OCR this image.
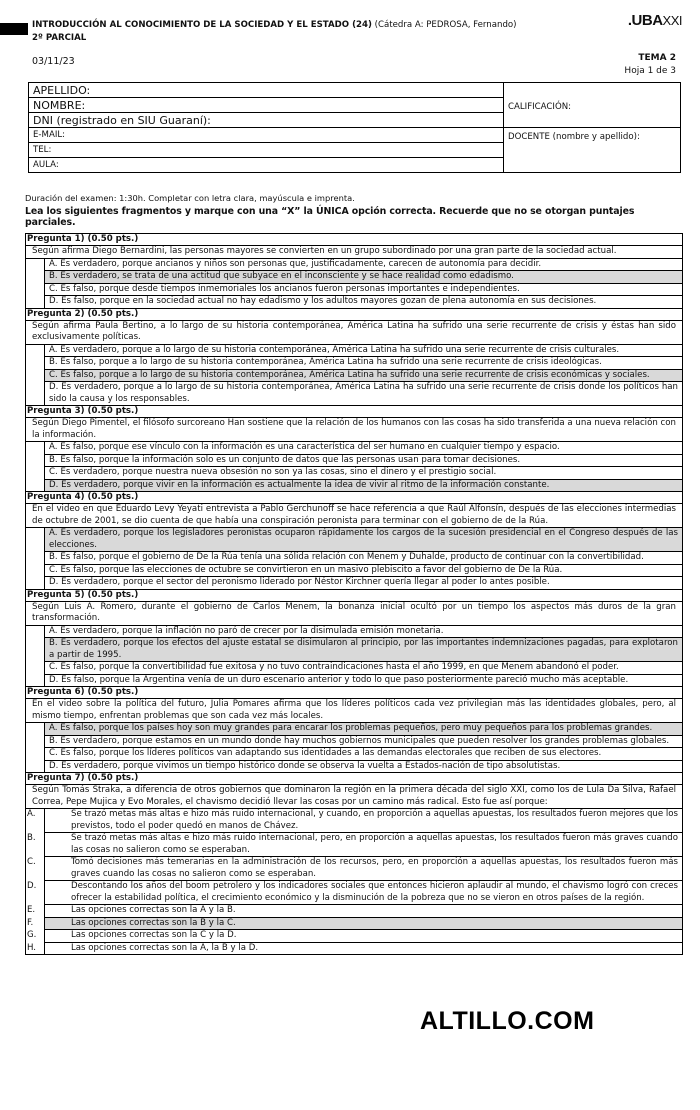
INTRODUCCIÓN AL CONOCIMIENTO DE LA SOCIEDAD Y EL ESTADO (24) (Cátedra A: PEDROSA, Fernando)
2º PARCIAL
.UBAXXI
03/11/23	TEMA 2
Hoja 1 de 3
APELLIDO:	CALIFICACIÓN:
NOMBRE:	
DNI (registrado en SIU Guaraní):	
E-MAIL:	DOCENTE (nombre y apellido):
TEL:	
AULA:	
Duración del examen: 1:30h. Completar con letra clara, mayúscula e imprenta.
Lea los siguientes fragmentos y marque con una “X” la ÚNICA opción correcta. Recuerde que no se otorgan puntajes parciales.
Pregunta 1) (0.50 pts.)
Según afirma Diego Bernardini, las personas mayores se convierten en un grupo subordinado por una gran parte de la sociedad actual.
A. Es verdadero, porque ancianos y niños son personas que, justificadamente, carecen de autonomía para decidir.
B. Es verdadero, se trata de una actitud que subyace en el inconsciente y se hace realidad como edadismo.
C. Es falso, porque desde tiempos inmemoriales los ancianos fueron personas importantes e independientes.
D. Es falso, porque en la sociedad actual no hay edadismo y los adultos mayores gozan de plena autonomía en sus decisiones.
Pregunta 2) (0.50 pts.)
Según afirma Paula Bertino, a lo largo de su historia contemporánea, América Latina ha sufrido una serie recurrente de crisis y éstas han sido exclusivamente políticas.
A. Es verdadero, porque a lo largo de su historia contemporánea, América Latina ha sufrido una serie recurrente de crisis culturales.
B. Es falso, porque a lo largo de su historia contemporánea, América Latina ha sufrido una serie recurrente de crisis ideológicas.
C. Es falso, porque a lo largo de su historia contemporánea, América Latina ha sufrido una serie recurrente de crisis económicas y sociales.
D. Es verdadero, porque a lo largo de su historia contemporánea, América Latina ha sufrido una serie recurrente de crisis donde los políticos han sido la causa y los responsables.
Pregunta 3) (0.50 pts.)
Según Diego Pimentel, el filósofo surcoreano Han sostiene que la relación de los humanos con las cosas ha sido transferida a una nueva relación con la información.
A. Es falso, porque ese vínculo con la información es una característica del ser humano en cualquier tiempo y espacio.
B. Es falso, porque la información solo es un conjunto de datos que las personas usan para tomar decisiones.
C. Es verdadero, porque nuestra nueva obsesión no son ya las cosas, sino el dinero y el prestigio social.
D. Es verdadero, porque vivir en la información es actualmente la idea de vivir al ritmo de la información constante.
Pregunta 4) (0.50 pts.)
En el video en que Eduardo Levy Yeyati entrevista a Pablo Gerchunoff se hace referencia a que Raúl Alfonsín, después de las elecciones intermedias de octubre de 2001, se dio cuenta de que había una conspiración peronista para terminar con el gobierno de de la Rúa.
A. Es verdadero, porque los legisladores peronistas ocuparon rápidamente los cargos de la sucesión presidencial en el Congreso después de las elecciones.
B. Es falso, porque el gobierno de De la Rúa tenía una sólida relación con Menem y Duhalde, producto de continuar con la convertibilidad.
C. Es falso, porque las elecciones de octubre se convirtieron en un masivo plebiscito a favor del gobierno de De la Rúa.
D. Es verdadero, porque el sector del peronismo liderado por Néstor Kirchner quería llegar al poder lo antes posible.
Pregunta 5) (0.50 pts.)
Según Luis A. Romero, durante el gobierno de Carlos Menem, la bonanza inicial ocultó por un tiempo los aspectos más duros de la gran transformación.
A. Es verdadero, porque la inflación no paró de crecer por la disimulada emisión monetaria.
B. Es verdadero, porque los efectos del ajuste estatal se disimularon al principio, por las importantes indemnizaciones pagadas, para explotaron a partir de 1995.
C. Es falso, porque la convertibilidad fue exitosa y no tuvo contraindicaciones hasta el año 1999, en que Menem abandonó el poder.
D. Es falso, porque la Argentina venía de un duro escenario anterior y todo lo que paso posteriormente pareció mucho más aceptable.
Pregunta 6) (0.50 pts.)
En el video sobre la política del futuro, Julia Pomares afirma que los líderes políticos cada vez privilegian más las identidades globales, pero, al mismo tiempo, enfrentan problemas que son cada vez más locales.
A. Es falso, porque los países hoy son muy grandes para encarar los problemas pequeños, pero muy pequeños para los problemas grandes.
B. Es verdadero, porque estamos en un mundo donde hay muchos gobiernos municipales que pueden resolver los grandes problemas globales.
C. Es falso, porque los líderes políticos van adaptando sus identidades a las demandas electorales que reciben de sus electores.
D. Es verdadero, porque vivimos un tiempo histórico donde se observa la vuelta a Estados-nación de tipo absolutistas.
Pregunta 7) (0.50 pts.)
Según Tomás Straka, a diferencia de otros gobiernos que dominaron la región en la primera década del siglo XXI, como los de Lula Da Silva, Rafael Correa, Pepe Mujica y Evo Morales, el chavismo decidió llevar las cosas por un camino más radical. Esto fue así porque:
A.	Se trazó metas más altas e hizo más ruido internacional, y cuando, en proporción a aquellas apuestas, los resultados fueron mejores que los previstos, todo el poder quedó en manos de Chávez.
B.	Se trazó metas más altas e hizo más ruido internacional, pero, en proporción a aquellas apuestas, los resultados fueron más graves cuando las cosas no salieron como se esperaban.
C.	Tomó decisiones más temerarias en la administración de los recursos, pero, en proporción a aquellas apuestas, los resultados fueron más graves cuando las cosas no salieron como se esperaban.
D.	Descontando los años del boom petrolero y los indicadores sociales que entonces hicieron aplaudir al mundo, el chavismo logró con creces ofrecer la estabilidad política, el crecimiento económico y la disminución de la pobreza que no se vieron en otros países de la región.
E.	Las opciones correctas son la A y la B.
F.	Las opciones correctas son la B y la C.
G.	Las opciones correctas son la C y la D.
H.	Las opciones correctas son la A, la B y la D.
ALTILLO.COM
